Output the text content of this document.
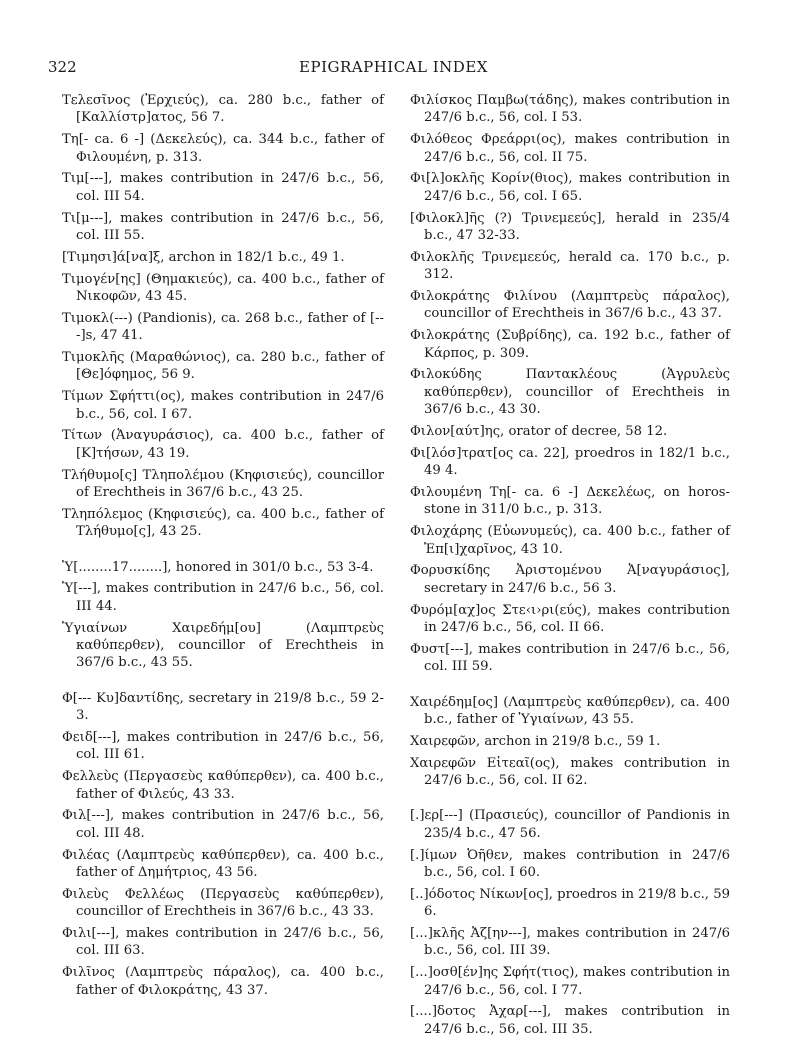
322	EPIGRAPHICAL INDEX

Τελεσῖνος (Ἐρχιεύς), ca. 280 b.c., father of [Καλλίστρ]ατος, 56 7.

Τη[- ca. 6 -] (Δεκελεύς), ca. 344 b.c., father of Φιλουμένη, p. 313.

Τιμ[---], makes contribution in 247/6 b.c., 56, col. III 54.

Τι[μ---], makes contribution in 247/6 b.c., 56, col. III 55.

[Τιμησι]ά[να]ξ, archon in 182/1 b.c., 49 1.

Τιμογέν[ης] (Θημακιεύς), ca. 400 b.c., father of Νικοφῶν, 43 45.

Τιμοκλ(---) (Pandionis), ca. 268 b.c., father of [---]s, 47 41.

Τιμοκλῆς (Μαραθώνιος), ca. 280 b.c., father of [Θε]όφημος, 56 9.

Τίμων Σφήττι(ος), makes contribution in 247/6 b.c., 56, col. I 67.

Τίτων (Ἀναγυράσιος), ca. 400 b.c., father of [Κ]τήσων, 43 19.

Τλήθυμο[ς] Τληπολέμου (Κηφισιεύς), councillor of Erechtheis in 367/6 b.c., 43 25.

Τληπόλεμος (Κηφισιεύς), ca. 400 b.c., father of Τλήθυμο[ς], 43 25.

Ὑ[........17........], honored in 301/0 b.c., 53 3-4.

Ὑ[---], makes contribution in 247/6 b.c., 56, col. III 44.

Ὑγιαίνων Χαιρεδήμ[ου] (Λαμπτρεὺς καθύπερθεν), councillor of Erechtheis in 367/6 b.c., 43 55.

Φ[--- Κυ]δαντίδης, secretary in 219/8 b.c., 59 2-3.

Φειδ[---], makes contribution in 247/6 b.c., 56, col. III 61.

Φελλεὺς (Περγασεὺς καθύπερθεν), ca. 400 b.c., father of Φιλεύς, 43 33.

Φιλ[---], makes contribution in 247/6 b.c., 56, col. III 48.

Φιλέας (Λαμπτρεὺς καθύπερθεν), ca. 400 b.c., father of Δημήτριος, 43 56.

Φιλεὺς Φελλέως (Περγασεὺς καθύπερθεν), councillor of Erechtheis in 367/6 b.c., 43 33.

Φιλι[---], makes contribution in 247/6 b.c., 56, col. III 63.

Φιλῖνος (Λαμπτρεὺς πάραλος), ca. 400 b.c., father of Φιλοκράτης, 43 37.

Φιλίσκος Παμβω(τάδης), makes contribution in 247/6 b.c., 56, col. I 53.

Φιλόθεος Φρεάρρι(ος), makes contribution in 247/6 b.c., 56, col. II 75.

Φι[λ]οκλῆς Κορίν(θιος), makes contribution in 247/6 b.c., 56, col. I 65.

[Φιλοκλ]ῆς (?) Τρινεμεεύς], herald in 235/4 b.c., 47 32-33.

Φιλοκλῆς Τρινεμεεύς, herald ca. 170 b.c., p. 312.

Φιλοκράτης Φιλίνου (Λαμπτρεὺς πάραλος), councillor of Erechtheis in 367/6 b.c., 43 37.

Φιλοκράτης (Συβρίδης), ca. 192 b.c., father of Κάρπος, p. 309.

Φιλοκύδης Παντακλέους (Ἀγρυλεὺς καθύπερθεν), councillor of Erechtheis in 367/6 b.c., 43 30.

Φιλον[αύτ]ης, orator of decree, 58 12.

Φι[λόσ]τρατ[ος ca. 22], proedros in 182/1 b.c., 49 4.

Φιλουμένη Τη[- ca. 6 -] Δεκελέως, on horos-stone in 311/0 b.c., p. 313.

Φιλοχάρης (Εὐωνυμεύς), ca. 400 b.c., father of Ἐπ[ι]χαρῖνος, 43 10.

Φορυσκίδης Ἀριστομένου Ἀ[ναγυράσιος], secretary in 247/6 b.c., 56 3.

Φυρόμ[αχ]ος Στε‹ι›ρι(εύς), makes contribution in 247/6 b.c., 56, col. II 66.

Φυστ[---], makes contribution in 247/6 b.c., 56, col. III 59.

Χαιρέδημ[ος] (Λαμπτρεὺς καθύπερθεν), ca. 400 b.c., father of Ὑγιαίνων, 43 55.

Χαιρεφῶν, archon in 219/8 b.c., 59 1.

Χαιρεφῶν Εἰτεαῖ(ος), makes contribution in 247/6 b.c., 56, col. II 62.

[.]ερ[---] (Πρασιεύς), councillor of Pandionis in 235/4 b.c., 47 56.

[.]ίμων Ὀῆθεν, makes contribution in 247/6 b.c., 56, col. I 60.

[..]όδοτος Νίκων[ος], proedros in 219/8 b.c., 59 6.

[...]κλῆς Ἀζ[ην---], makes contribution in 247/6 b.c., 56, col. III 39.

[...]οσθ[έν]ης Σφήτ(τιος), makes contribution in 247/6 b.c., 56, col. I 77.

[....]δοτος Ἀχαρ[---], makes contribution in 247/6 b.c., 56, col. III 35.
